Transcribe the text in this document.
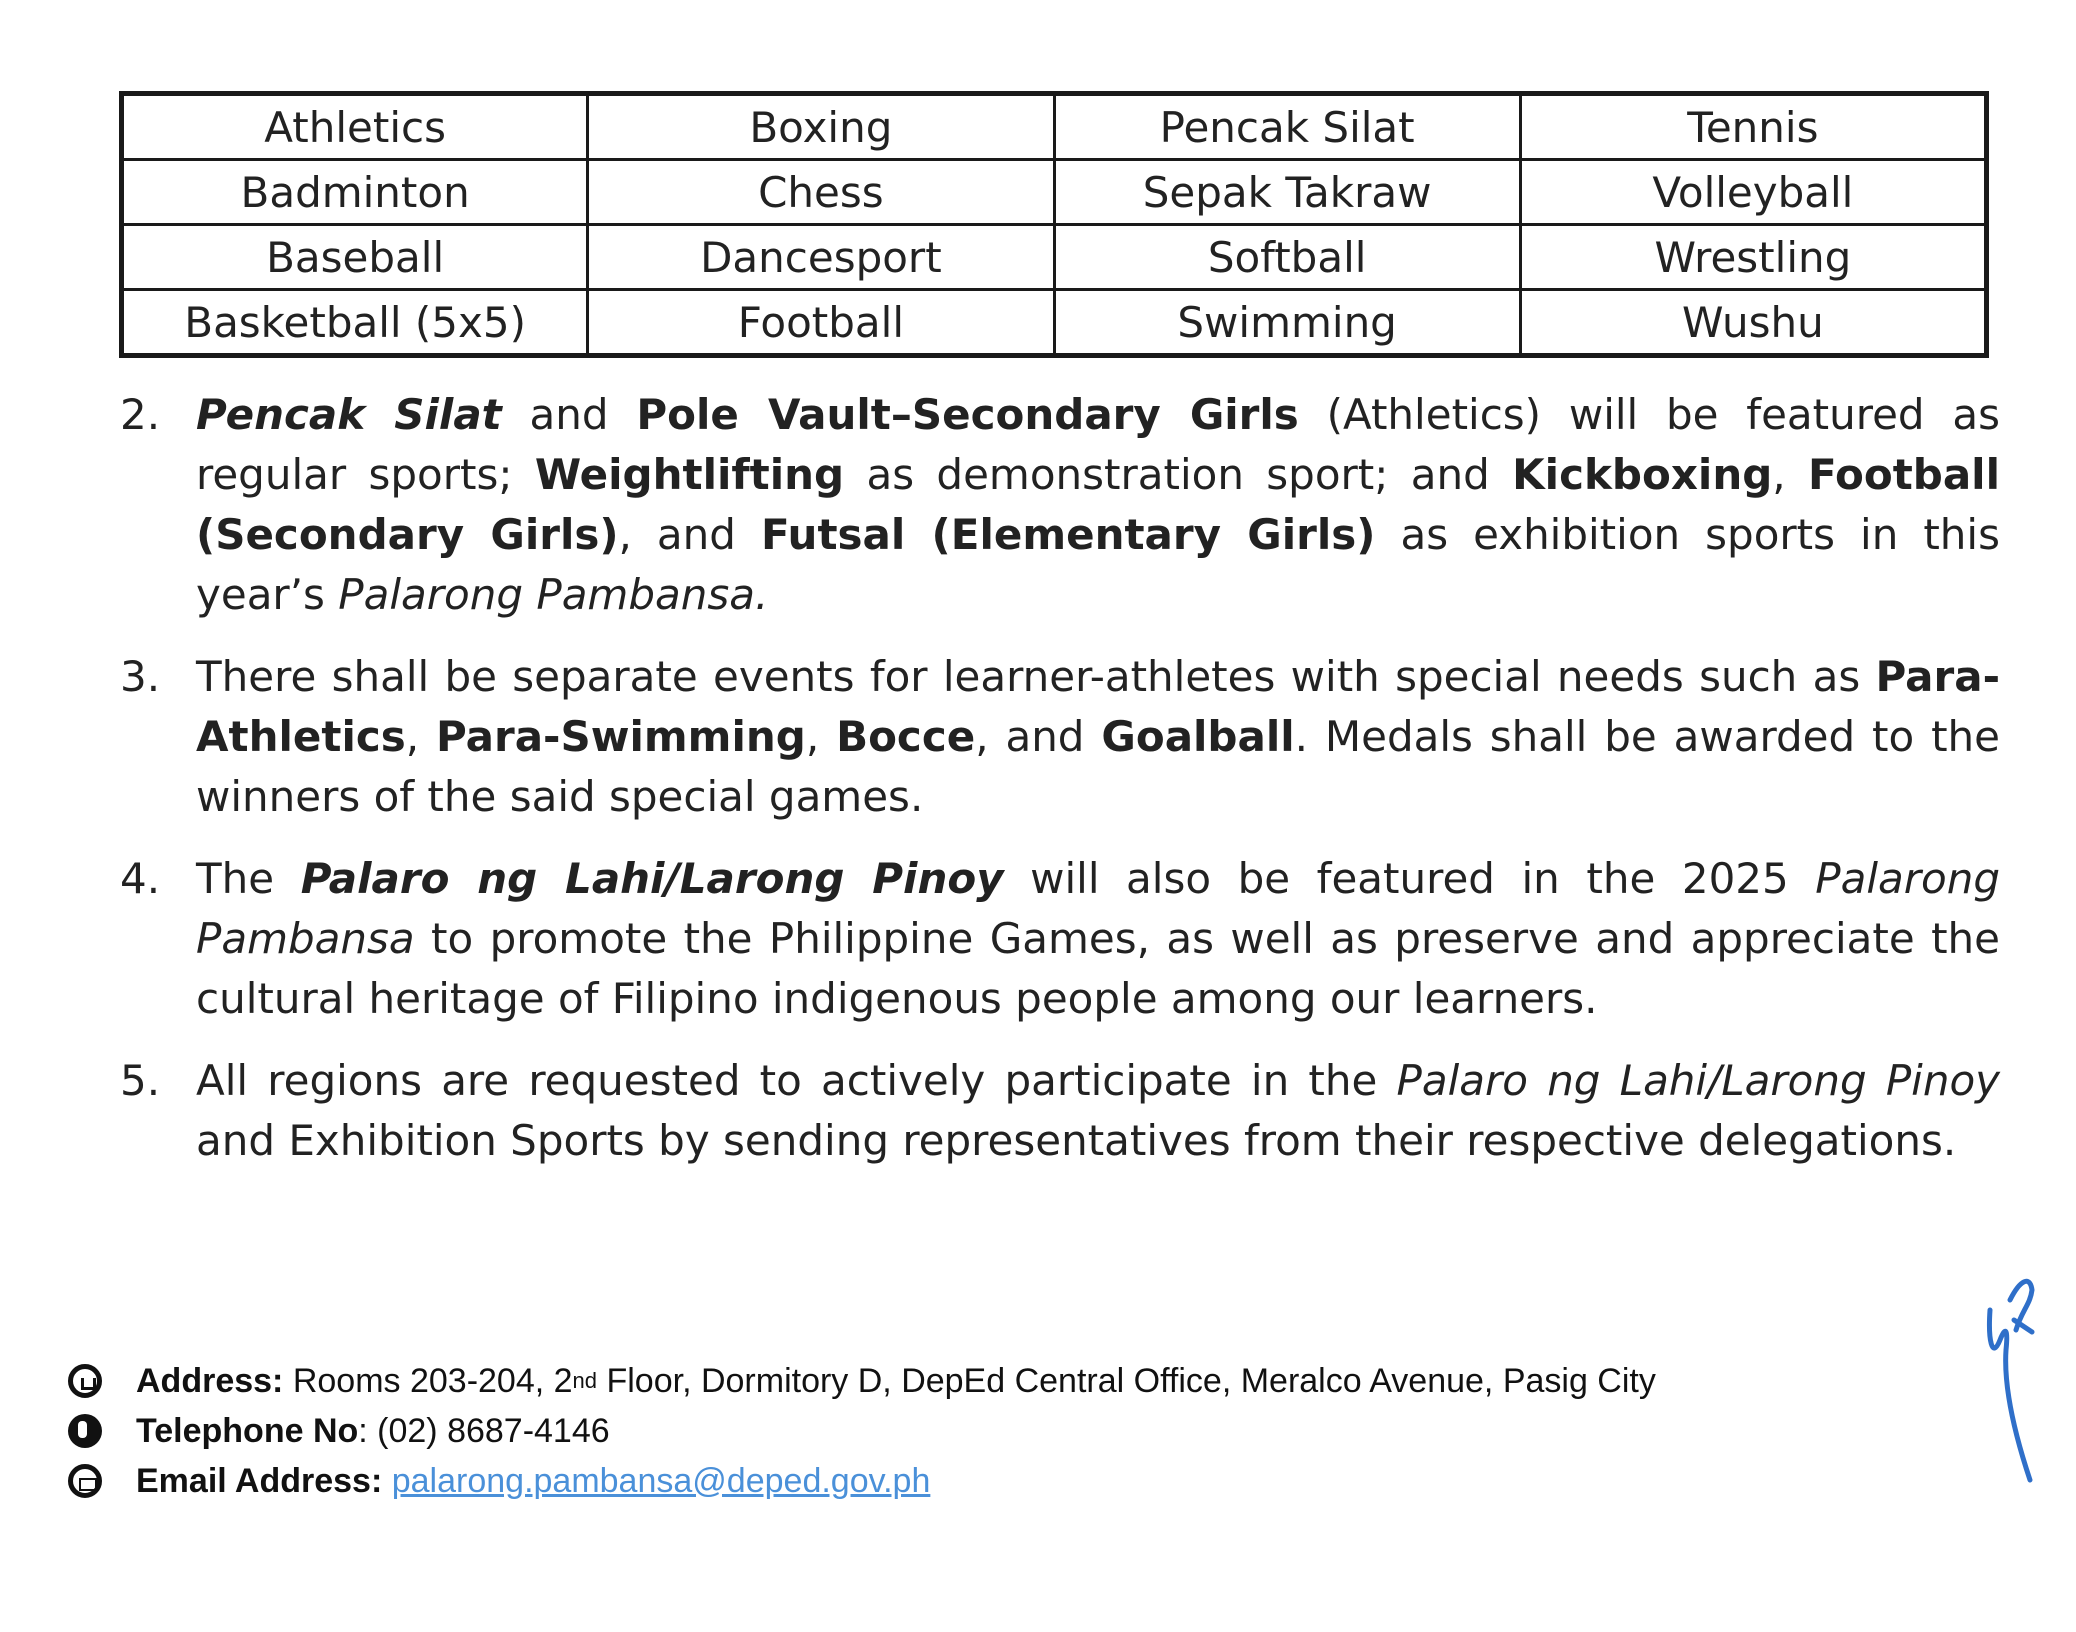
Athletics	Boxing	Pencak Silat	Tennis
Badminton	Chess	Sepak Takraw	Volleyball
Baseball	Dancesport	Softball	Wrestling
Basketball (5x5)	Football	Swimming	Wushu
2. Pencak Silat and Pole Vault–Secondary Girls (Athletics) will be featured as regular sports; Weightlifting as demonstration sport; and Kickboxing, Football (Secondary Girls), and Futsal (Elementary Girls) as exhibition sports in this year’s Palarong Pambansa.
3. There shall be separate events for learner-athletes with special needs such as Para-Athletics, Para-Swimming, Bocce, and Goalball. Medals shall be awarded to the winners of the said special games.
4. The Palaro ng Lahi/Larong Pinoy will also be featured in the 2025 Palarong Pambansa to promote the Philippine Games, as well as preserve and appreciate the cultural heritage of Filipino indigenous people among our learners.
5. All regions are requested to actively participate in the Palaro ng Lahi/Larong Pinoy and Exhibition Sports by sending representatives from their respective delegations.
Address: Rooms 203-204, 2 nd Floor, Dormitory D, DepEd Central Office, Meralco Avenue, Pasig City
Telephone No : (02) 8687-4146
Email Address:
palarong.pambansa@deped.gov.ph
